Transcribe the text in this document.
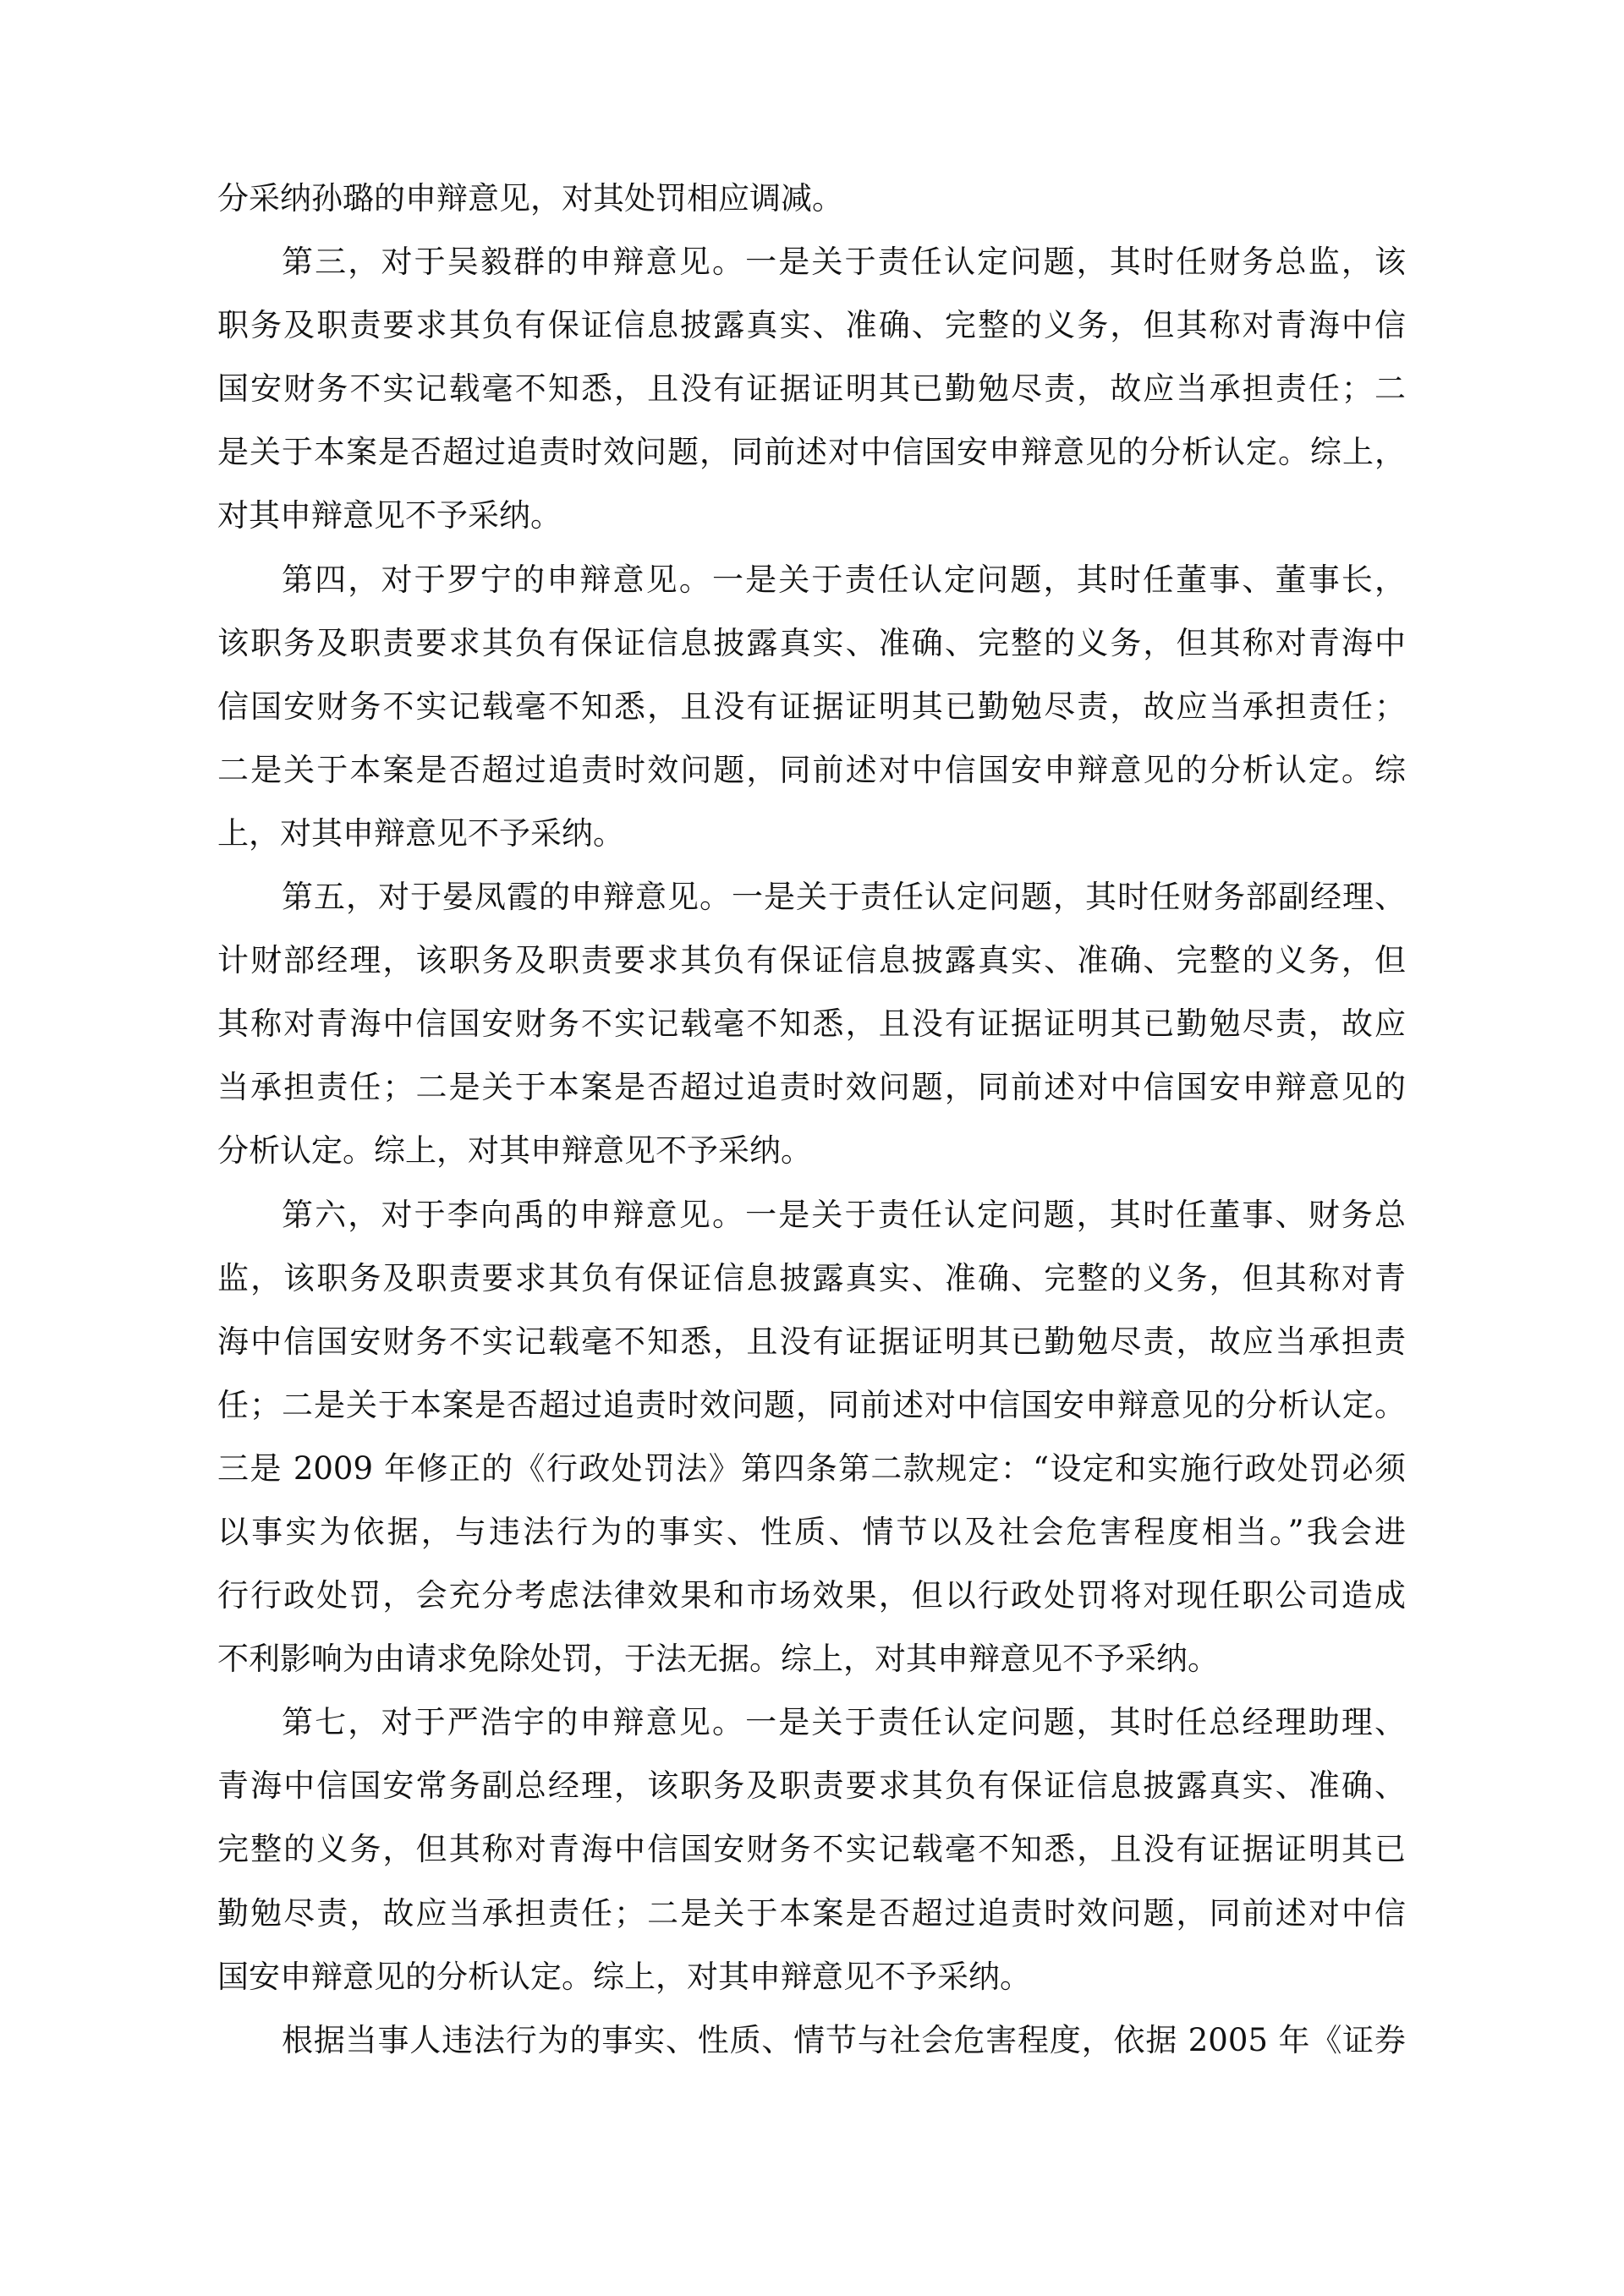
分采纳孙璐的申辩意见，对其处罚相应调减。
第三，对于吴毅群的申辩意见。一是关于责任认定问题，其时任财务总监，该
职务及职责要求其负有保证信息披露真实、准确、完整的义务，但其称对青海中信
国安财务不实记载毫不知悉，且没有证据证明其已勤勉尽责，故应当承担责任；二
是关于本案是否超过追责时效问题，同前述对中信国安申辩意见的分析认定。综上，
对其申辩意见不予采纳。
第四，对于罗宁的申辩意见。一是关于责任认定问题，其时任董事、董事长，
该职务及职责要求其负有保证信息披露真实、准确、完整的义务，但其称对青海中
信国安财务不实记载毫不知悉，且没有证据证明其已勤勉尽责，故应当承担责任；
二是关于本案是否超过追责时效问题，同前述对中信国安申辩意见的分析认定。综
上，对其申辩意见不予采纳。
第五，对于晏凤霞的申辩意见。一是关于责任认定问题，其时任财务部副经理、
计财部经理，该职务及职责要求其负有保证信息披露真实、准确、完整的义务，但
其称对青海中信国安财务不实记载毫不知悉，且没有证据证明其已勤勉尽责，故应
当承担责任；二是关于本案是否超过追责时效问题，同前述对中信国安申辩意见的
分析认定。综上，对其申辩意见不予采纳。
第六，对于李向禹的申辩意见。一是关于责任认定问题，其时任董事、财务总
监，该职务及职责要求其负有保证信息披露真实、准确、完整的义务，但其称对青
海中信国安财务不实记载毫不知悉，且没有证据证明其已勤勉尽责，故应当承担责
任；二是关于本案是否超过追责时效问题，同前述对中信国安申辩意见的分析认定。
三是 2009 年修正的《行政处罚法》第四条第二款规定：“设定和实施行政处罚必须
以事实为依据，与违法行为的事实、性质、情节以及社会危害程度相当。”我会进
行行政处罚，会充分考虑法律效果和市场效果，但以行政处罚将对现任职公司造成
不利影响为由请求免除处罚，于法无据。综上，对其申辩意见不予采纳。
第七，对于严浩宇的申辩意见。一是关于责任认定问题，其时任总经理助理、
青海中信国安常务副总经理，该职务及职责要求其负有保证信息披露真实、准确、
完整的义务，但其称对青海中信国安财务不实记载毫不知悉，且没有证据证明其已
勤勉尽责，故应当承担责任；二是关于本案是否超过追责时效问题，同前述对中信
国安申辩意见的分析认定。综上，对其申辩意见不予采纳。
根据当事人违法行为的事实、性质、情节与社会危害程度，依据 2005 年《证券
